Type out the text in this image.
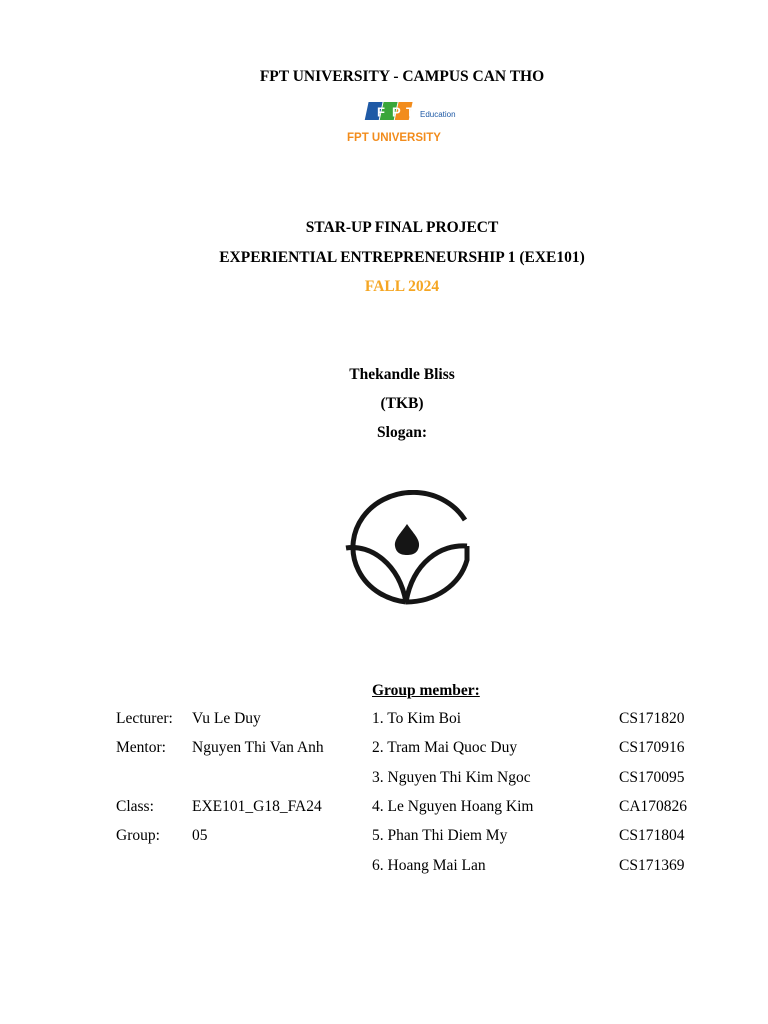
FPT UNIVERSITY - CAMPUS CAN THO
F P T Education
FPT UNIVERSITY
STAR-UP FINAL PROJECT
EXPERIENTIAL ENTREPRENEURSHIP 1 (EXE101)
FALL 2024
Thekandle Bliss
(TKB)
Slogan:
Group member:
Lecturer: Vu Le Duy
Mentor: Nguyen Thi Van Anh
Class: EXE101_G18_FA24
Group: 05
1. To Kim Boi	CS171820
2. Tram Mai Quoc Duy	CS170916
3. Nguyen Thi Kim Ngoc	CS170095
4. Le Nguyen Hoang Kim	CA170826
5. Phan Thi Diem My	CS171804
6. Hoang Mai Lan	CS171369
